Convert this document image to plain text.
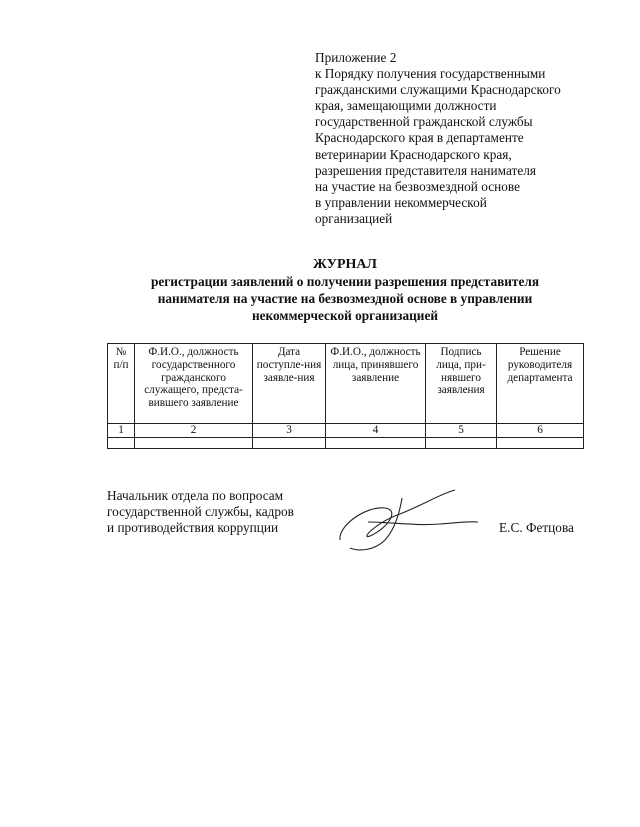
Приложение 2
к Порядку получения государственными
гражданскими служащими Краснодарского
края, замещающими должности
государственной гражданской службы
Краснодарского края в департаменте
ветеринарии Краснодарского края,
разрешения представителя нанимателя
на участие на безвозмездной основе
в управлении некоммерческой
организацией
ЖУРНАЛ
регистрации заявлений о получении разрешения представителя
нанимателя на участие на безвозмездной основе в управлении
некоммерческой организацией
№ п/п	Ф.И.О., должность государственного гражданского служащего, предста-вившего заявление	Дата поступле-ния заявле-ния	Ф.И.О., должность лица, принявшего заявление	Подпись лица, при-нявшего заявления	Решение руководителя департамента
1	2	3	4	5	6

Начальник отдела по вопросам
государственной службы, кадров
и противодействия коррупции	Е.С. Фетцова
